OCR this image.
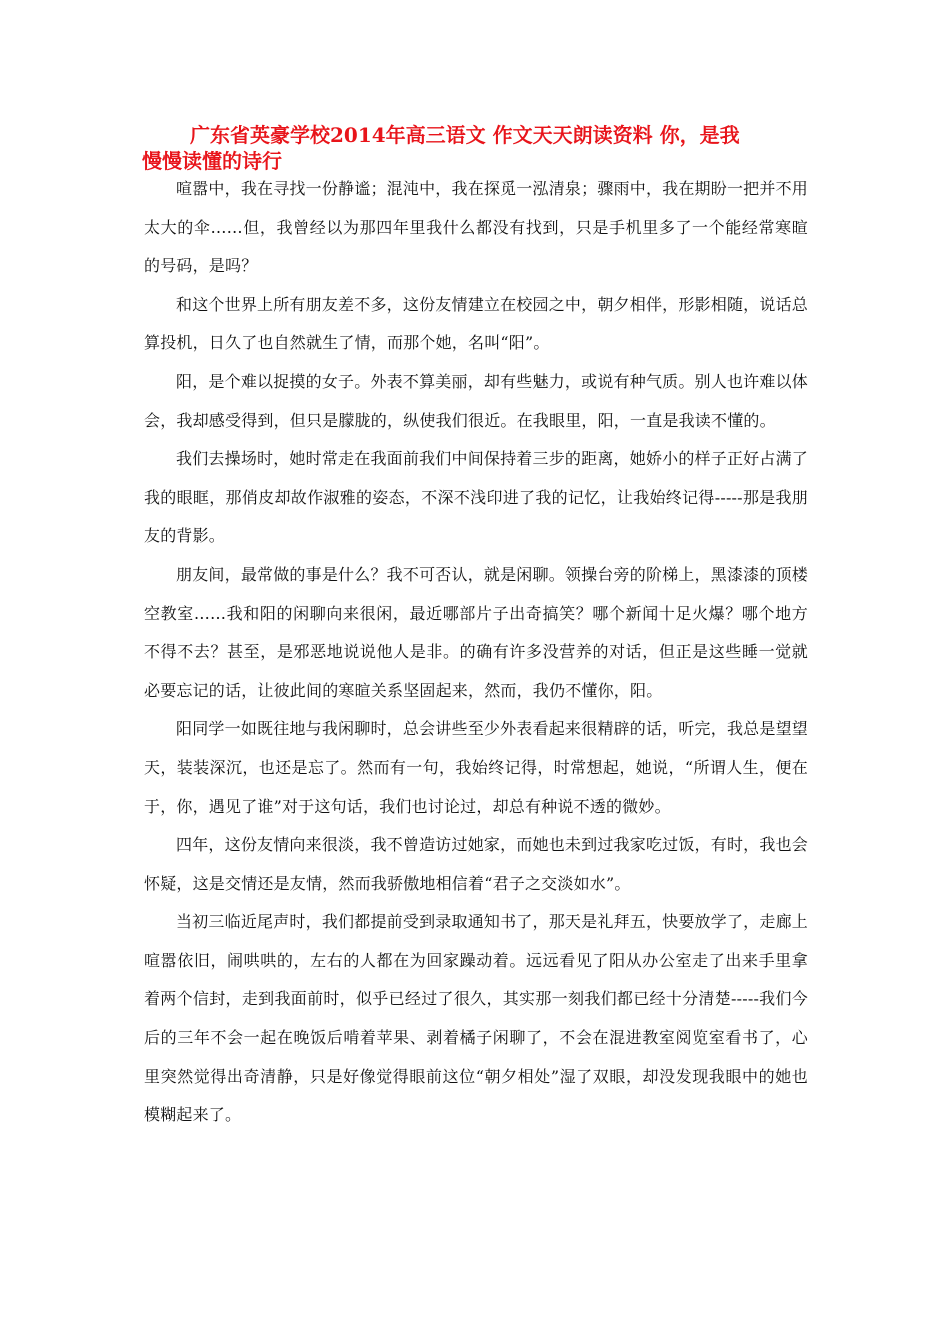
广东省英豪学校2014年高三语文 作文天天朗读资料 你，是我
慢慢读懂的诗行

喧嚣中，我在寻找一份静谧；混沌中，我在探觅一泓清泉；骤雨中，我在期盼一把并不用太大的伞……但，我曾经以为那四年里我什么都没有找到，只是手机里多了一个能经常寒暄的号码，是吗？

和这个世界上所有朋友差不多，这份友情建立在校园之中，朝夕相伴，形影相随，说话总算投机，日久了也自然就生了情，而那个她，名叫“阳”。

阳，是个难以捉摸的女子。外表不算美丽，却有些魅力，或说有种气质。别人也许难以体会，我却感受得到，但只是朦胧的，纵使我们很近。在我眼里，阳，一直是我读不懂的。

我们去操场时，她时常走在我面前我们中间保持着三步的距离，她娇小的样子正好占满了我的眼眶，那俏皮却故作淑雅的姿态，不深不浅印进了我的记忆，让我始终记得-----那是我朋友的背影。

朋友间，最常做的事是什么？我不可否认，就是闲聊。领操台旁的阶梯上，黑漆漆的顶楼空教室……我和阳的闲聊向来很闲，最近哪部片子出奇搞笑？哪个新闻十足火爆？哪个地方不得不去？甚至，是邪恶地说说他人是非。的确有许多没营养的对话，但正是这些睡一觉就必要忘记的话，让彼此间的寒暄关系坚固起来，然而，我仍不懂你，阳。

阳同学一如既往地与我闲聊时，总会讲些至少外表看起来很精辟的话，听完，我总是望望天，装装深沉，也还是忘了。然而有一句，我始终记得，时常想起，她说，“所谓人生，便在于，你，遇见了谁”对于这句话，我们也讨论过，却总有种说不透的微妙。

四年，这份友情向来很淡，我不曾造访过她家，而她也未到过我家吃过饭，有时，我也会怀疑，这是交情还是友情，然而我骄傲地相信着“君子之交淡如水”。

当初三临近尾声时，我们都提前受到录取通知书了，那天是礼拜五，快要放学了，走廊上喧嚣依旧，闹哄哄的，左右的人都在为回家躁动着。远远看见了阳从办公室走了出来手里拿着两个信封，走到我面前时，似乎已经过了很久，其实那一刻我们都已经十分清楚-----我们今后的三年不会一起在晚饭后啃着苹果、剥着橘子闲聊了，不会在混进教室阅览室看书了，心里突然觉得出奇清静，只是好像觉得眼前这位“朝夕相处”湿了双眼，却没发现我眼中的她也模糊起来了。
